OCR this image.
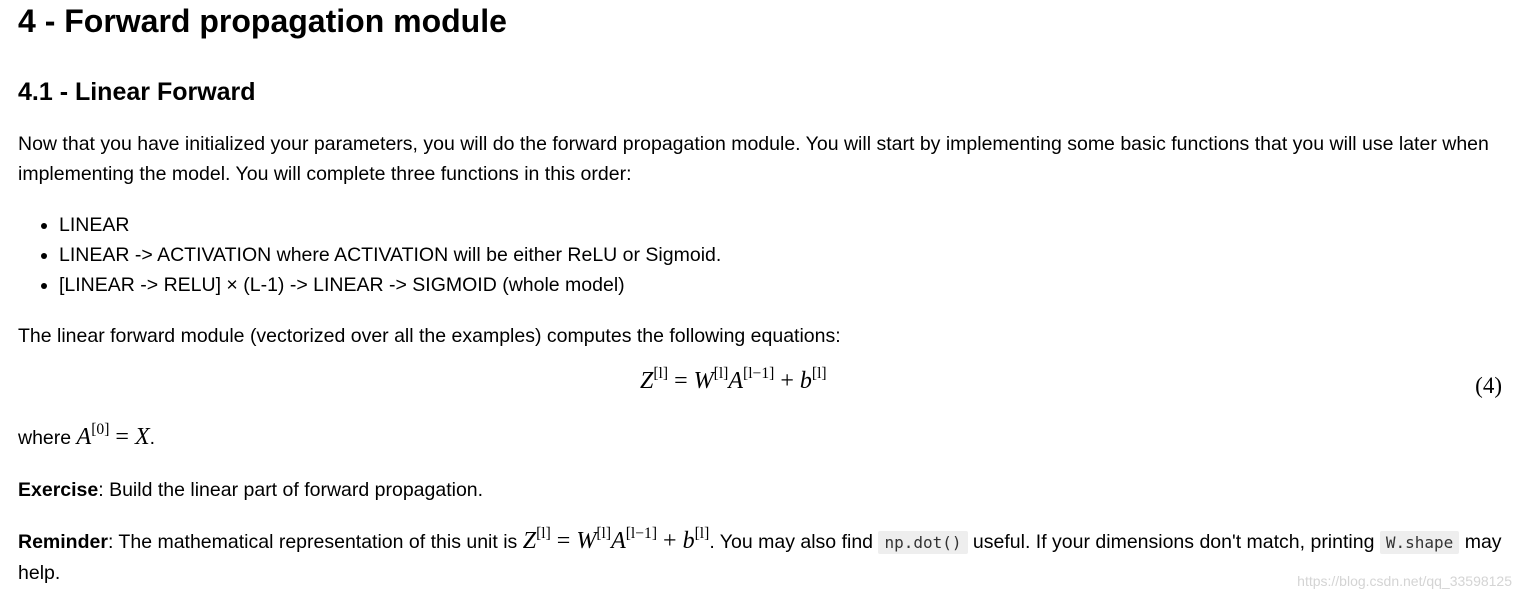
4 - Forward propagation module
4.1 - Linear Forward

Now that you have initialized your parameters, you will do the forward propagation module. You will start by implementing some basic functions that you will use later when implementing the model. You will complete three functions in this order:

• LINEAR
• LINEAR -> ACTIVATION where ACTIVATION will be either ReLU or Sigmoid.
• [LINEAR -> RELU] × (L-1) -> LINEAR -> SIGMOID (whole model)

The linear forward module (vectorized over all the examples) computes the following equations:

Z[l] = W[l]A[l−1] + b[l]	(4)

where A[0] = X.

Exercise: Build the linear part of forward propagation.

Reminder: The mathematical representation of this unit is Z[l] = W[l]A[l−1] + b[l]. You may also find np.dot() useful. If your dimensions don't match, printing W.shape may help.	https://blog.csdn.net/qq_33598125
